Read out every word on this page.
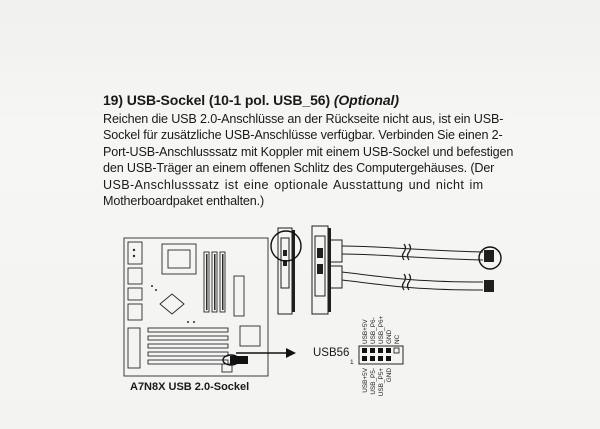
19) USB-Sockel (10-1 pol. USB_56) (Optional)

Reichen die USB 2.0-Anschlüsse an der Rückseite nicht aus, ist ein USB-

Sockel für zusätzliche USB-Anschlüsse verfügbar. Verbinden Sie einen 2-

Port-USB-Anschlusssatz mit Koppler mit einem USB-Sockel und befestigen

den USB-Träger an einem offenen Schlitz des Computergehäuses. (Der

USB-Anschlusssatz ist eine optionale Ausstattung und nicht im

Motherboardpaket enthalten.)

A7N8X USB 2.0-Sockel
USB56
USB+5V USB_P6- USB_P6+ GND NC
1
USB+5V USB_P5- USB_P5+ GND
